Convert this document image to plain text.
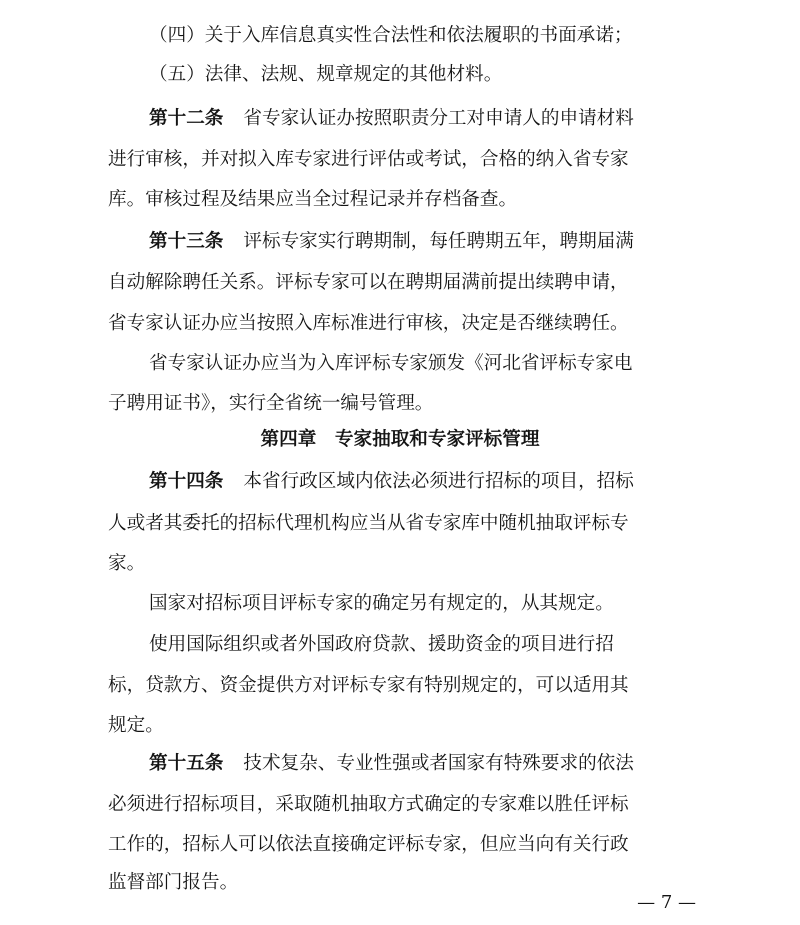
（四）关于入库信息真实性合法性和依法履职的书面承诺；
（五）法律、法规、规章规定的其他材料。
第十二条 省专家认证办按照职责分工对申请人的申请材料
进行审核，并对拟入库专家进行评估或考试，合格的纳入省专家
库。审核过程及结果应当全过程记录并存档备查。
第十三条 评标专家实行聘期制，每任聘期五年，聘期届满
自动解除聘任关系。评标专家可以在聘期届满前提出续聘申请，
省专家认证办应当按照入库标准进行审核，决定是否继续聘任。
省专家认证办应当为入库评标专家颁发《河北省评标专家电
子聘用证书》，实行全省统一编号管理。
第四章　专家抽取和专家评标管理
第十四条 本省行政区域内依法必须进行招标的项目，招标
人或者其委托的招标代理机构应当从省专家库中随机抽取评标专
家。
国家对招标项目评标专家的确定另有规定的，从其规定。
使用国际组织或者外国政府贷款、援助资金的项目进行招
标，贷款方、资金提供方对评标专家有特别规定的，可以适用其
规定。
第十五条 技术复杂、专业性强或者国家有特殊要求的依法
必须进行招标项目，采取随机抽取方式确定的专家难以胜任评标
工作的，招标人可以依法直接确定评标专家，但应当向有关行政
监督部门报告。
— 7 —
